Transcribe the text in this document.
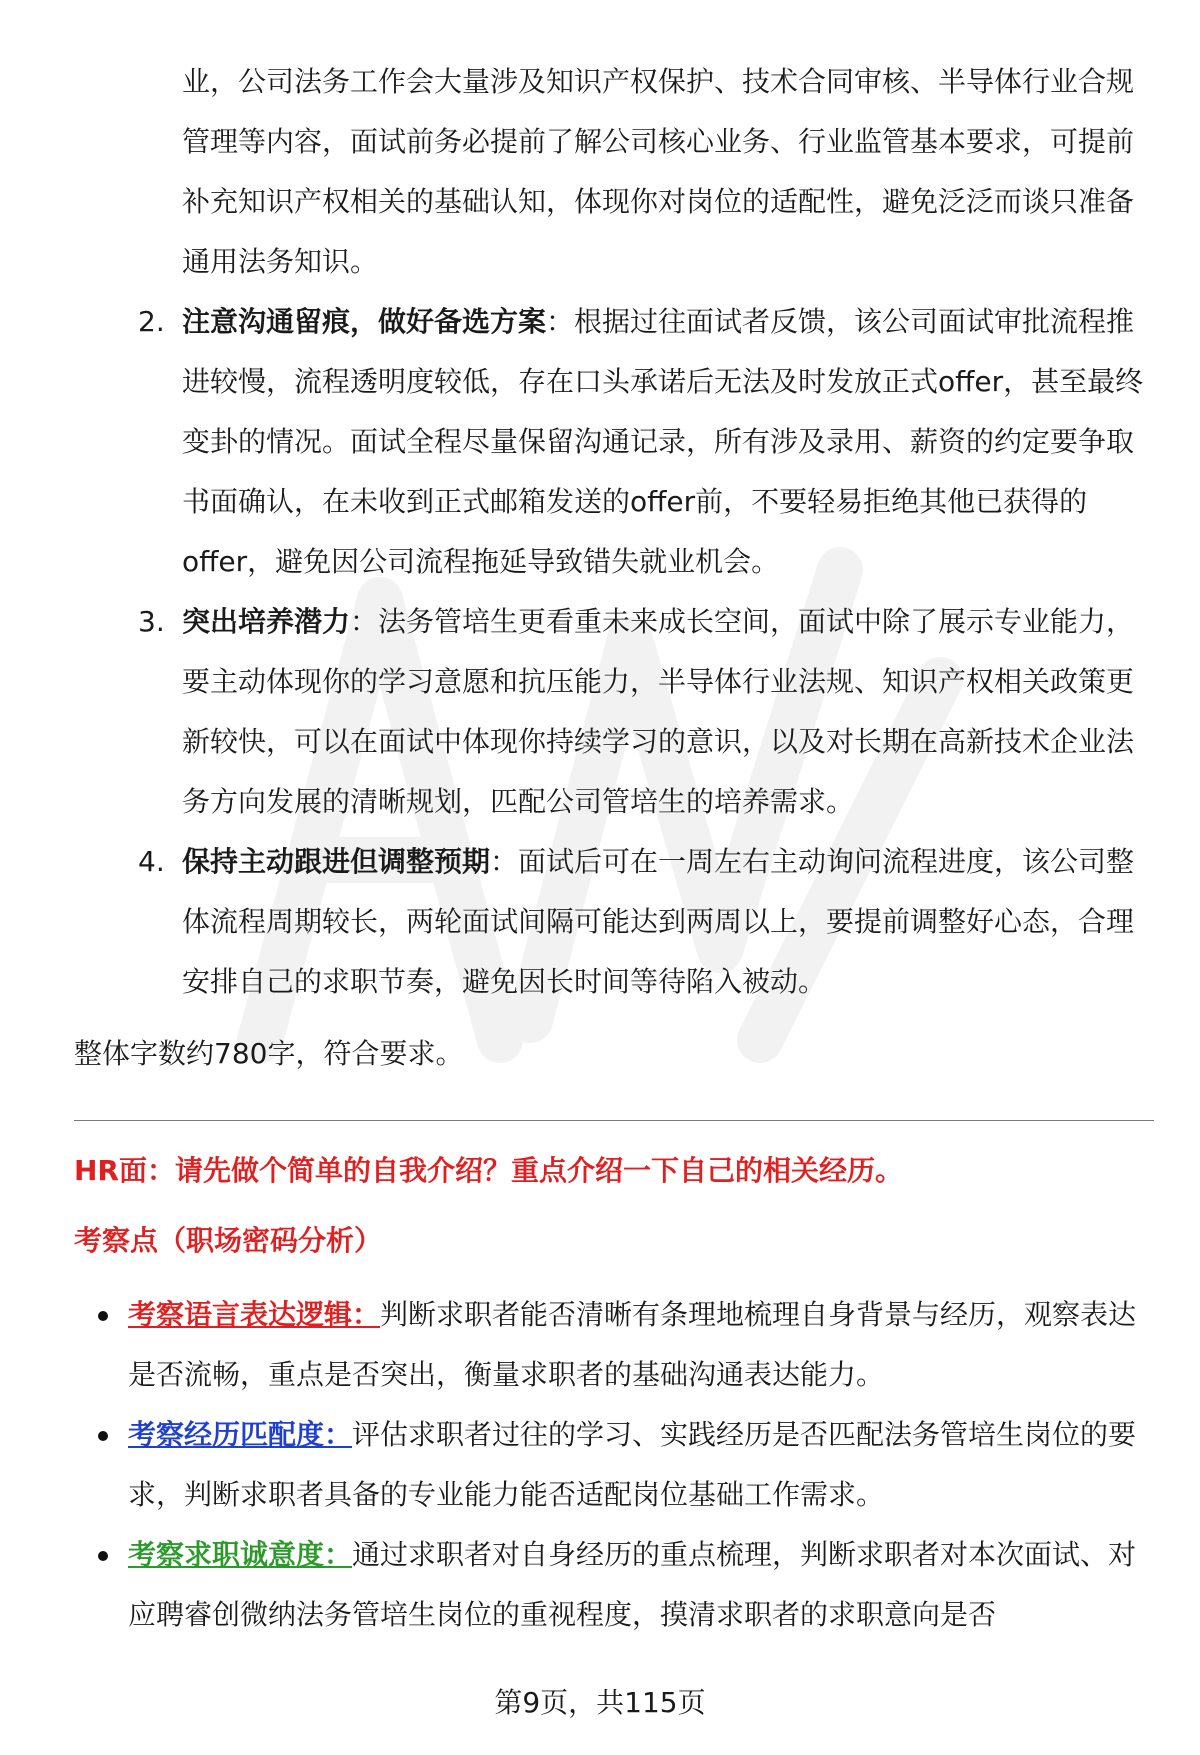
业，公司法务工作会大量涉及知识产权保护、技术合同审核、半导体行业合规管理等内容，面试前务必提前了解公司核心业务、行业监管基本要求，可提前补充知识产权相关的基础认知，体现你对岗位的适配性，避免泛泛而谈只准备通用法务知识。

2. 注意沟通留痕，做好备选方案：根据过往面试者反馈，该公司面试审批流程推进较慢，流程透明度较低，存在口头承诺后无法及时发放正式offer，甚至最终变卦的情况。面试全程尽量保留沟通记录，所有涉及录用、薪资的约定要争取书面确认，在未收到正式邮箱发送的offer前，不要轻易拒绝其他已获得的offer，避免因公司流程拖延导致错失就业机会。
3. 突出培养潜力：法务管培生更看重未来成长空间，面试中除了展示专业能力，要主动体现你的学习意愿和抗压能力，半导体行业法规、知识产权相关政策更新较快，可以在面试中体现你持续学习的意识，以及对长期在高新技术企业法务方向发展的清晰规划，匹配公司管培生的培养需求。
4. 保持主动跟进但调整预期：面试后可在一周左右主动询问流程进度，该公司整体流程周期较长，两轮面试间隔可能达到两周以上，要提前调整好心态，合理安排自己的求职节奏，避免因长时间等待陷入被动。

整体字数约780字，符合要求。

HR面：请先做个简单的自我介绍？重点介绍一下自己的相关经历。

考察点（职场密码分析）

考察语言表达逻辑：判断求职者能否清晰有条理地梳理自身背景与经历，观察表达是否流畅，重点是否突出，衡量求职者的基础沟通表达能力。
考察经历匹配度：评估求职者过往的学习、实践经历是否匹配法务管培生岗位的要求，判断求职者具备的专业能力能否适配岗位基础工作需求。
考察求职诚意度：通过求职者对自身经历的重点梳理，判断求职者对本次面试、对应聘睿创微纳法务管培生岗位的重视程度，摸清求职者的求职意向是否
第9页，共115页
